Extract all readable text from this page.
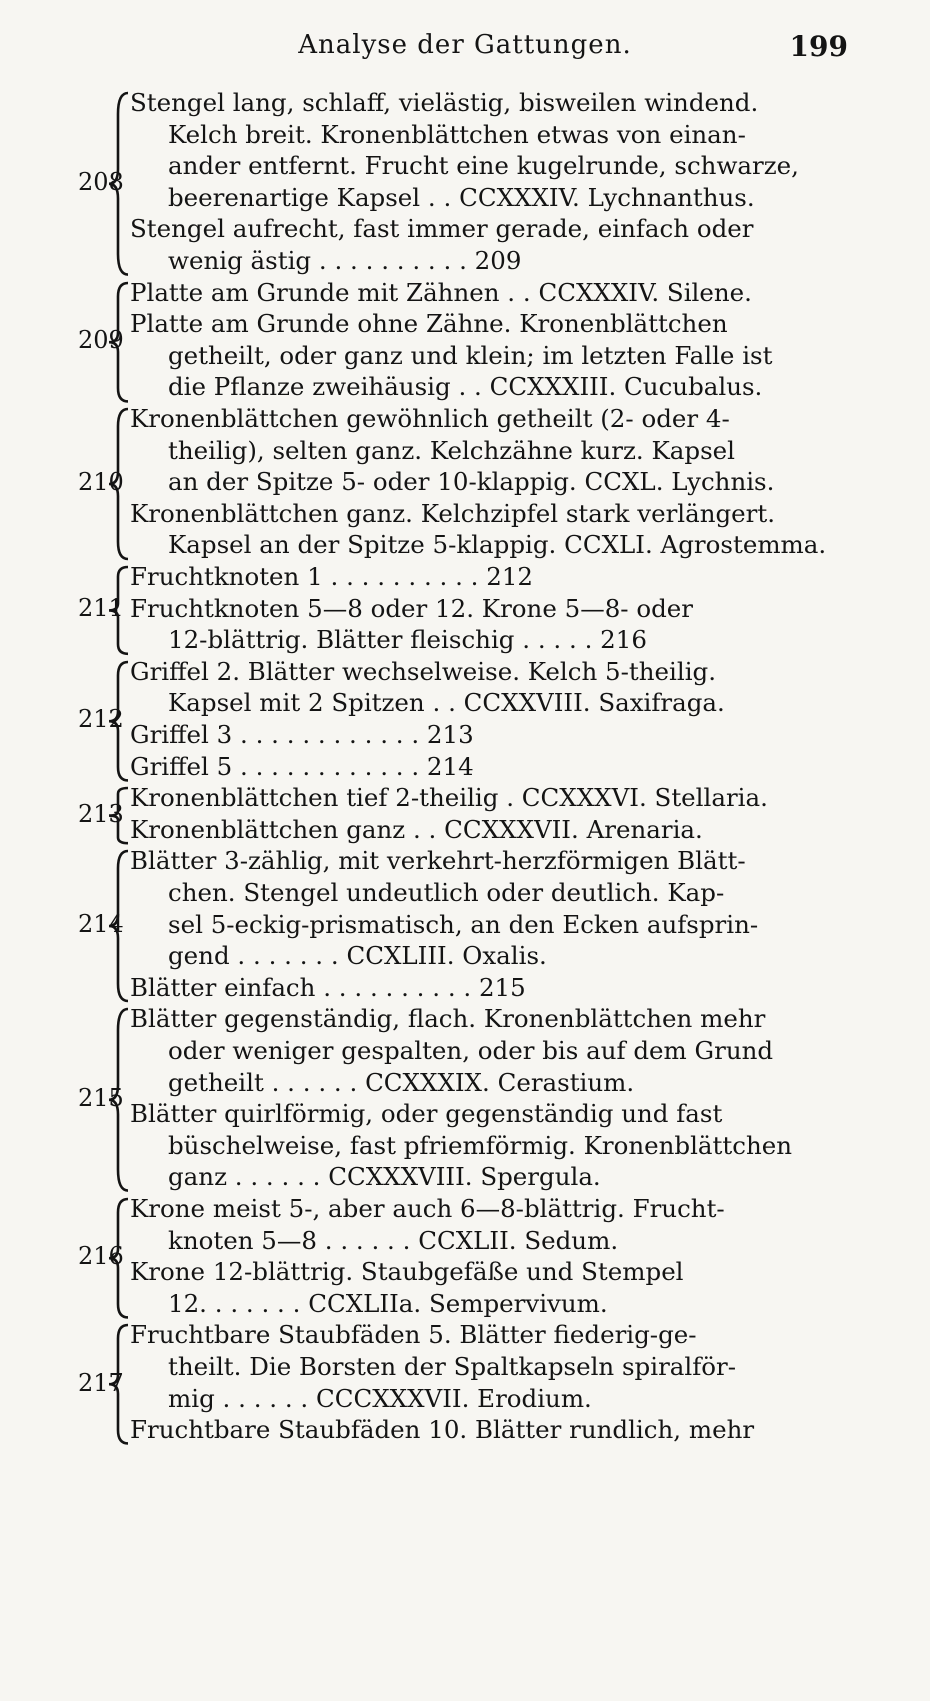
Analyse der Gattungen.	199
Stengel lang, schlaff, vielästig, bisweilen windend.
Kelch breit. Kronenblättchen etwas von einan-
ander entfernt. Frucht eine kugelrunde, schwarze,
beerenartige Kapsel . . CCXXXIV. Lychnanthus.
Stengel aufrecht, fast immer gerade, einfach oder
wenig ästig . . . . . . . . . . 209
208
Platte am Grunde mit Zähnen . . CCXXXIV. Silene.
Platte am Grunde ohne Zähne. Kronenblättchen
getheilt, oder ganz und klein; im letzten Falle ist
die Pflanze zweihäusig . . CCXXXIII. Cucubalus.
209
Kronenblättchen gewöhnlich getheilt (2- oder 4-
theilig), selten ganz. Kelchzähne kurz. Kapsel
an der Spitze 5- oder 10-klappig. CCXL. Lychnis.
Kronenblättchen ganz. Kelchzipfel stark verlängert.
Kapsel an der Spitze 5-klappig. CCXLI. Agrostemma.
210
Fruchtknoten 1 . . . . . . . . . . 212
Fruchtknoten 5—8 oder 12. Krone 5—8- oder
12-blättrig. Blätter fleischig . . . . . 216
211
Griffel 2. Blätter wechselweise. Kelch 5-theilig.
Kapsel mit 2 Spitzen . . CCXXVIII. Saxifraga.
Griffel 3 . . . . . . . . . . . . 213
Griffel 5 . . . . . . . . . . . . 214
212
Kronenblättchen tief 2-theilig . CCXXXVI. Stellaria.
Kronenblättchen ganz . . CCXXXVII. Arenaria.
213
Blätter 3-zählig, mit verkehrt-herzförmigen Blätt-
chen. Stengel undeutlich oder deutlich. Kap-
sel 5-eckig-prismatisch, an den Ecken aufsprin-
gend . . . . . . . CCXLIII. Oxalis.
Blätter einfach . . . . . . . . . . 215
214
Blätter gegenständig, flach. Kronenblättchen mehr
oder weniger gespalten, oder bis auf dem Grund
getheilt . . . . . . CCXXXIX. Cerastium.
Blätter quirlförmig, oder gegenständig und fast
büschelweise, fast pfriemförmig. Kronenblättchen
ganz . . . . . . CCXXXVIII. Spergula.
215
Krone meist 5-, aber auch 6—8-blättrig. Frucht-
knoten 5—8 . . . . . . CCXLII. Sedum.
Krone 12-blättrig. Staubgefäße und Stempel
12. . . . . . . CCXLIIa. Sempervivum.
216
Fruchtbare Staubfäden 5. Blätter fiederig-ge-
theilt. Die Borsten der Spaltkapseln spiralför-
mig . . . . . . CCCXXXVII. Erodium.
Fruchtbare Staubfäden 10. Blätter rundlich, mehr
217
